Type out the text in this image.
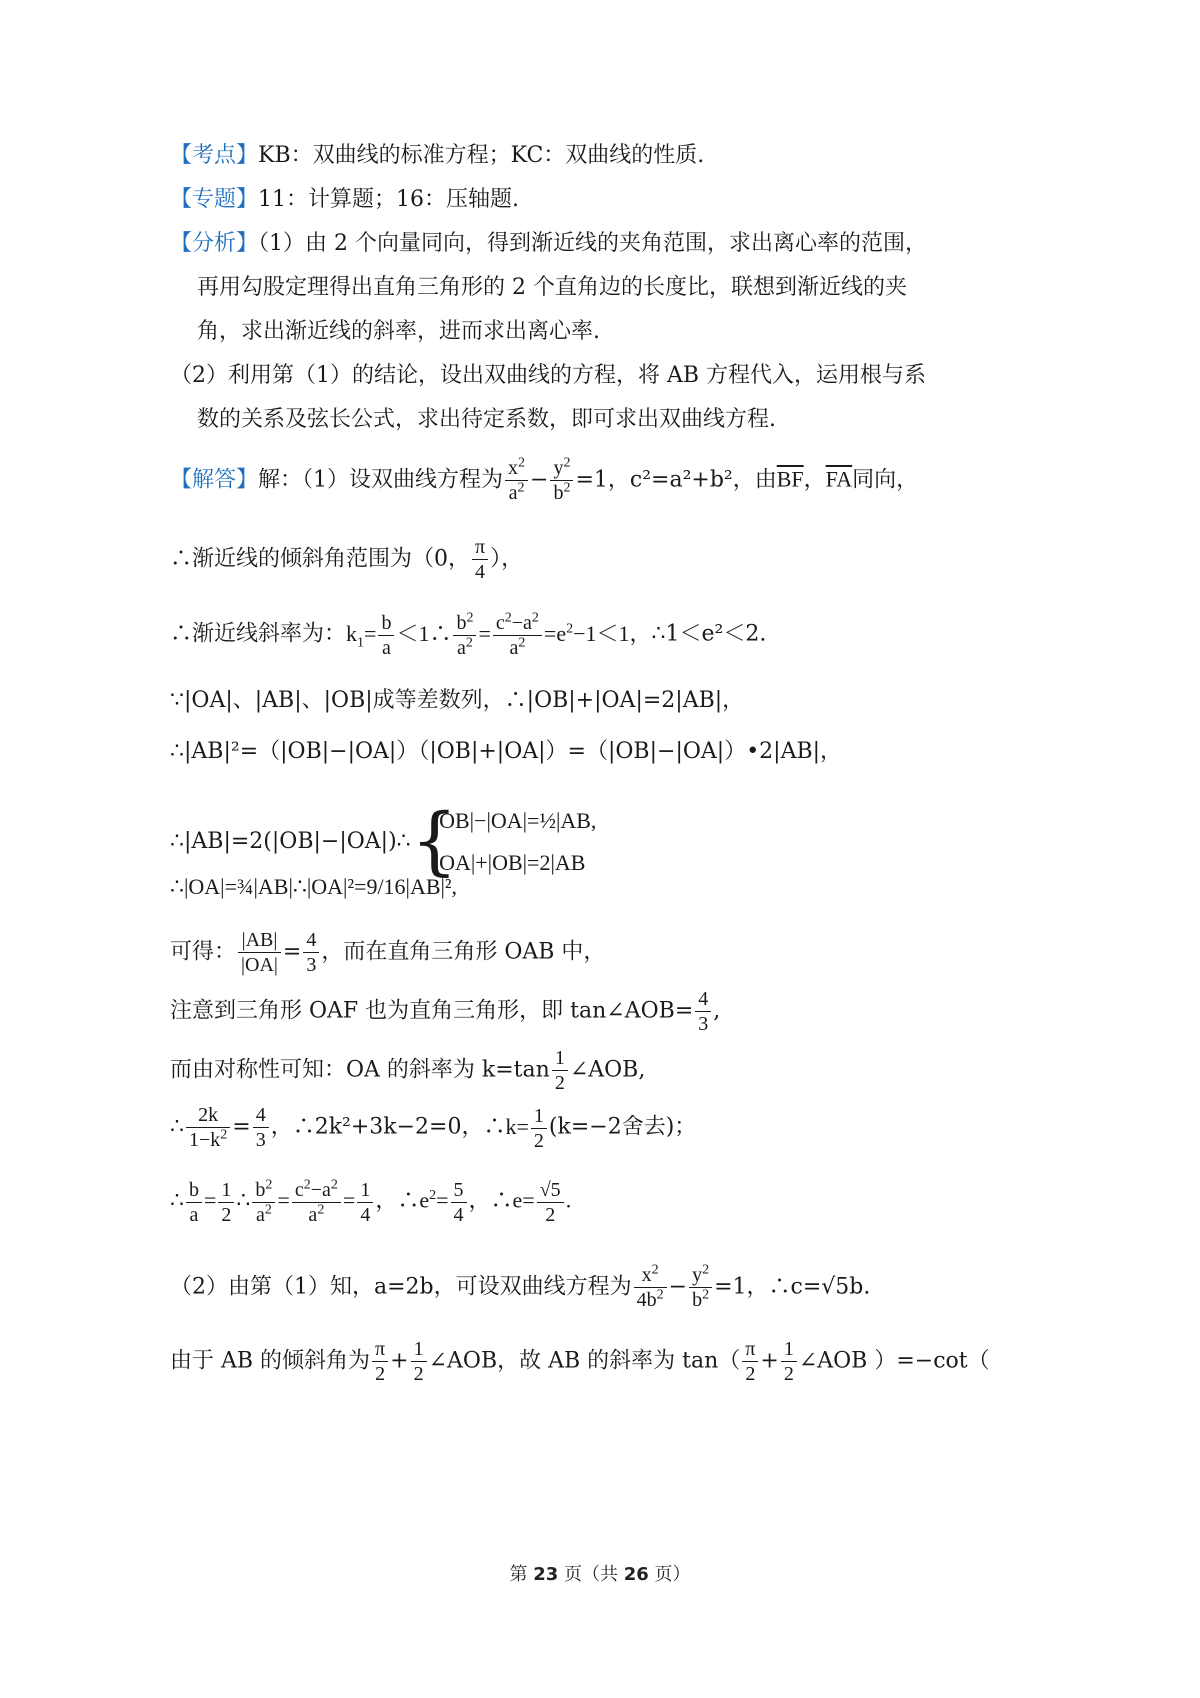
【考点】KB：双曲线的标准方程；KC：双曲线的性质.
【专题】11：计算题；16：压轴题.
【分析】（1）由 2 个向量同向，得到渐近线的夹角范围，求出离心率的范围，
再用勾股定理得出直角三角形的 2 个直角边的长度比，联想到渐近线的夹
角，求出渐近线的斜率，进而求出离心率.
（2）利用第（1）的结论，设出双曲线的方程，将 AB 方程代入，运用根与系
数的关系及弦长公式，求出待定系数，即可求出双曲线方程.
【解答】解：（1）设双曲线方程为 $\frac{x^2}{a^2} - \frac{y^2}{b^2} =1$，c²=a²+b²，由$\overline{BF}$，$\overline{FA}$同向，
∴渐近线的倾斜角范围为（0， $\frac{\pi}{4}$ ），
∴渐近线斜率为：$k_1= \frac{b}{a}$ ＜1∴ $\frac{b^2}{a^2} = \frac{c^2-a^2}{a^2} =e^2-1<1$，∴1＜e²＜2.
∵|OA|、|AB|、|OB|成等差数列，∴|OB|+|OA|=2|AB|，
∴|AB|²=（|OB|−|OA|）（|OB|+|OA|）=（|OB|−|OA|）•2|AB|，
∴|AB|=2(|OB|−|OA|)∴ {
|OB|−|OA|=½|AB,
|OA|+|OB|=2|AB
∴|OA|=¾|AB|∴|OA|²=9/16|AB|²,
可得： $\frac{|AB|}{|OA|} = \frac{4}{3}$ ，而在直角三角形 OAB 中，
注意到三角形 OAF 也为直角三角形，即 tan∠AOB= $\frac{4}{3}$ ,
而由对称性可知：OA 的斜率为 $k=\tan \frac{1}{2}$ ∠AOB,
∴ $\frac{2k}{1-k^2} = \frac{4}{3}$ ，∴2k²+3k−2=0，∴k= $\frac{1}{2} (k=-2$舍去)；
∴ $\frac{b}{a} = \frac{1}{2}$ ∴ $\frac{b^2}{a^2} = \frac{c^2-a^2}{a^2} = \frac{1}{4}$ ，$\therefore e^2= \frac{5}{4}$ ，∴e= $\frac{√5}{2}$ .
（2）由第（1）知，a=2b，可设双曲线方程为 $\frac{x^2}{4b^2} - \frac{y^2}{b^2} =1$，∴c=√5b.
由于 AB 的倾斜角为 $\frac{\pi}{2} + \frac{1}{2}$ ∠AOB，故 AB 的斜率为 $\tan( \frac{\pi}{2} + \frac{1}{2}$ ∠AOB ）=−cot（
第 23 页（共 26 页）
